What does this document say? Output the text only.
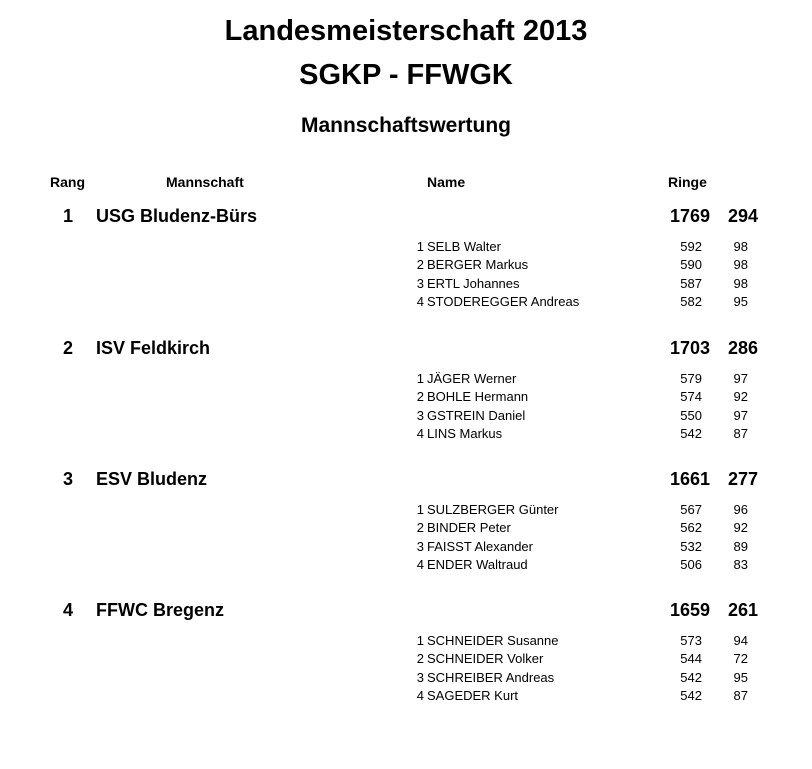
Landesmeisterschaft 2013
SGKP - FFWGK
Mannschaftswertung
Rang	Mannschaft	Name	Ringe
1	USG Bludenz-Bürs	1769 294
1 SELB Walter	592	98
2 BERGER Markus	590	98
3 ERTL Johannes	587	98
4 STODEREGGER Andreas	582	95
2	ISV Feldkirch	1703 286
1 JÄGER Werner	579	97
2 BOHLE Hermann	574	92
3 GSTREIN Daniel	550	97
4 LINS Markus	542	87
3	ESV Bludenz	1661 277
1 SULZBERGER Günter	567	96
2 BINDER Peter	562	92
3 FAISST Alexander	532	89
4 ENDER Waltraud	506	83
4	FFWC Bregenz	1659 261
1 SCHNEIDER Susanne	573	94
2 SCHNEIDER Volker	544	72
3 SCHREIBER Andreas	542	95
4 SAGEDER Kurt	542	87
